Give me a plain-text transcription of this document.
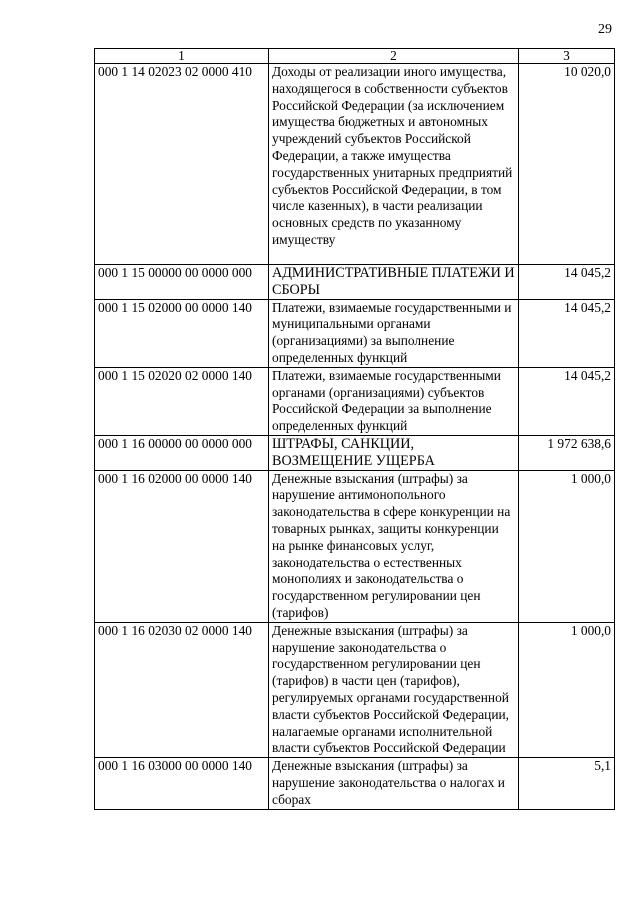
29
1	2	3
000 1 14 02023 02 0000 410	Доходы от реализации иного имущества, находящегося в собственности субъектов Российской Федерации (за исключением имущества бюджетных и автономных учреждений субъектов Российской Федерации, а также имущества государственных унитарных предприятий субъектов Российской Федерации, в том числе казенных), в части реализации основных средств по указанному имуществу	10 020,0
000 1 15 00000 00 0000 000	АДМИНИСТРАТИВНЫЕ ПЛАТЕЖИ И СБОРЫ	14 045,2
000 1 15 02000 00 0000 140	Платежи, взимаемые государственными и муниципальными органами (организациями) за выполнение определенных функций	14 045,2
000 1 15 02020 02 0000 140	Платежи, взимаемые государственными органами (организациями) субъектов Российской Федерации за выполнение определенных функций	14 045,2
000 1 16 00000 00 0000 000	ШТРАФЫ, САНКЦИИ, ВОЗМЕЩЕНИЕ УЩЕРБА	1 972 638,6
000 1 16 02000 00 0000 140	Денежные взыскания (штрафы) за нарушение антимонопольного законодательства в сфере конкуренции на товарных рынках, защиты конкуренции на рынке финансовых услуг, законодательства о естественных монополиях и законодательства о государственном регулировании цен (тарифов)	1 000,0
000 1 16 02030 02 0000 140	Денежные взыскания (штрафы) за нарушение законодательства о государственном регулировании цен (тарифов) в части цен (тарифов), регулируемых органами государственной власти субъектов Российской Федерации, налагаемые органами исполнительной власти субъектов Российской Федерации	1 000,0
000 1 16 03000 00 0000 140	Денежные взыскания (штрафы) за нарушение законодательства о налогах и сборах	5,1
